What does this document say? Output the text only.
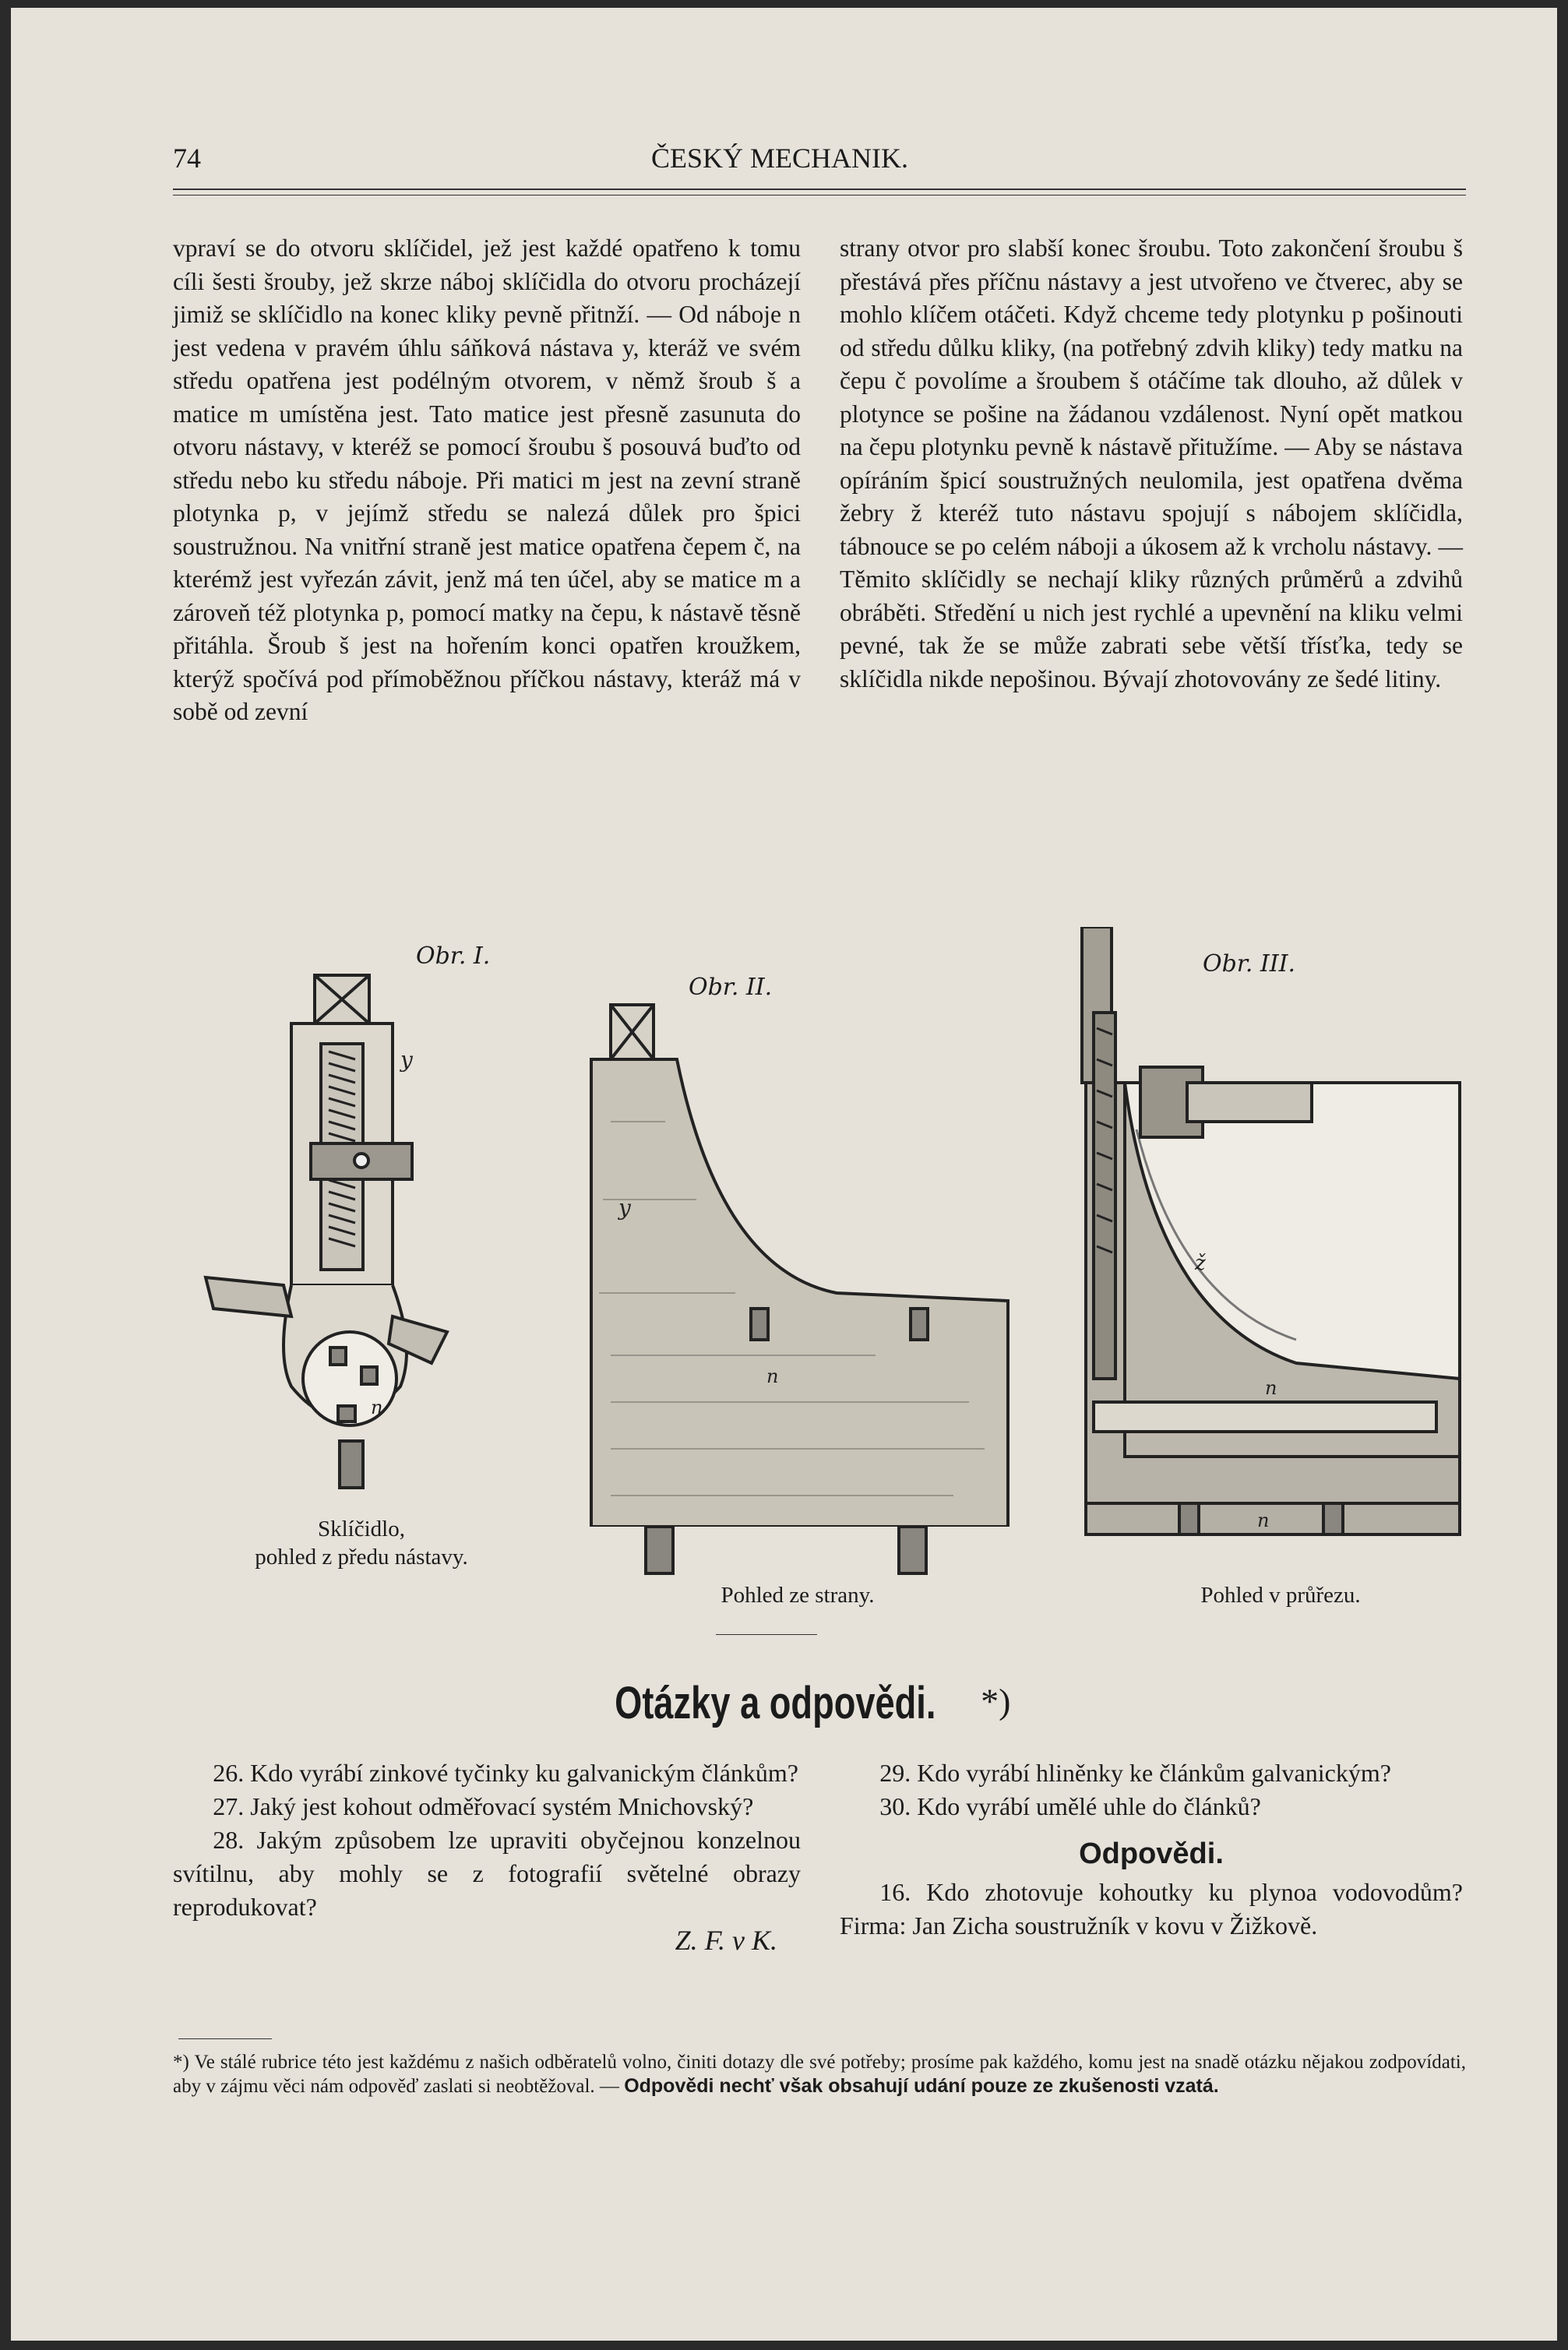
74	ČESKÝ MECHANIK.

vpraví se do otvoru sklíčidel, jež jest každé opatřeno k tomu cíli šesti šrouby, jež skrze náboj sklíčidla do otvoru procházejí jimiž se sklíčidlo na konec kliky pevně přitnží. — Od náboje n jest vedena v pravém úhlu sáňková nástava y, kteráž ve svém středu opatřena jest podélným otvorem, v němž šroub š a matice m umístěna jest. Tato matice jest přesně zasunuta do otvoru nástavy, v kteréž se pomocí šroubu š posouvá buďto od středu nebo ku středu náboje. Při matici m jest na zevní straně plotynka p, v jejímž středu se nalezá důlek pro špici soustružnou. Na vnitřní straně jest matice opatřena čepem č, na kterémž jest vyřezán závit, jenž má ten účel, aby se matice m a zároveň též plotynka p, pomocí matky na čepu, k nástavě těsně přitáhla. Šroub š jest na hořením konci opatřen kroužkem, kterýž spočívá pod přímoběžnou příčkou nástavy, kteráž má v sobě od zevní

strany otvor pro slabší konec šroubu. Toto zakončení šroubu š přestává přes příčnu nástavy a jest utvořeno ve čtverec, aby se mohlo klíčem otáčeti. Když chceme tedy plotynku p pošinouti od středu důlku kliky, (na potřebný zdvih kliky) tedy matku na čepu č povolíme a šroubem š otáčíme tak dlouho, až důlek v plotynce se pošine na žádanou vzdálenost. Nyní opět matkou na čepu plotynku pevně k nástavě přitužíme. — Aby se nástava opíráním špicí soustružných neulomila, jest opatřena dvěma žebry ž kteréž tuto nástavu spojují s nábojem sklíčidla, tábnouce se po celém náboji a úkosem až k vrcholu nástavy. — Těmito sklíčidly se nechají kliky různých průměrů a zdvihů obráběti. Středění u nich jest rychlé a upevnění na kliku velmi pevné, tak že se může zabrati sebe větší třísťka, tedy se sklíčidla nikde nepošinou. Bývají zhotovovány ze šedé litiny.

y
n
Obr. I.
Sklíčidlo,
pohled z předu nástavy.
y
n
Obr. II.
Pohled ze strany.
ž
n
n
Obr. III.
Pohled v průřezu.
Otázky a odpovědi. *)

26. Kdo vyrábí zinkové tyčinky ku galvanickým článkům?

27. Jaký jest kohout odměřovací systém Mnichovský?

28. Jakým způsobem lze upraviti obyčejnou konzelnou svítilnu, aby mohly se z fotografií světelné obrazy reprodukovat?

Z. F. v K.

29. Kdo vyrábí hliněnky ke článkům galvanickým?

30. Kdo vyrábí umělé uhle do článků?

Odpovědi.

16. Kdo zhotovuje kohoutky ku plynoa vodovodům? Firma: Jan Zicha soustružník v kovu v Žižkově.

*) Ve stálé rubrice této jest každému z našich odběratelů volno, činiti dotazy dle své potřeby; prosíme pak každého, komu jest na snadě otázku nějakou zodpovídati, aby v zájmu věci nám odpověď zaslati si neobtěžoval. — Odpovědi nechť však obsahují udání pouze ze zkušenosti vzatá.
